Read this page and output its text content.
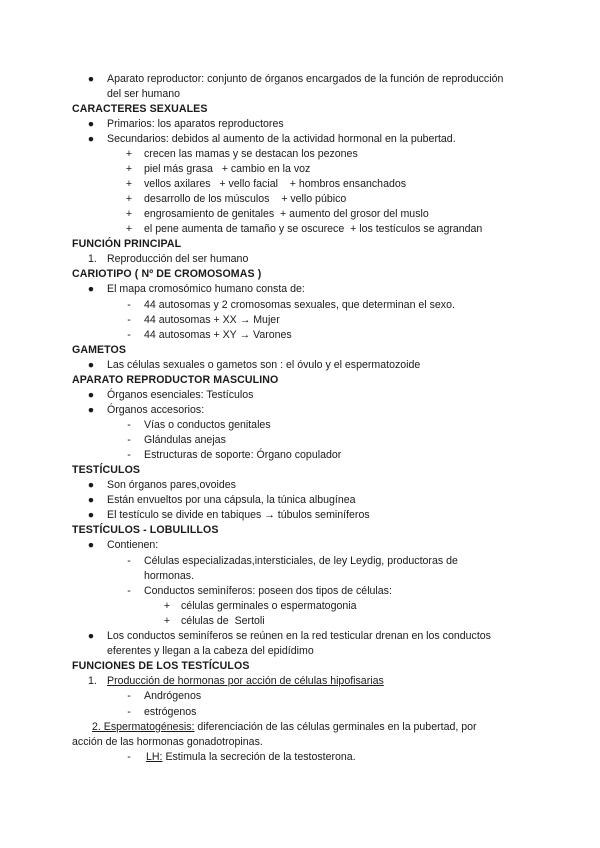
●	Aparato reproductor: conjunto de órganos encargados de la función de reproducción
del ser humano
CARACTERES SEXUALES
●	Primarios: los aparatos reproductores
●	Secundarios: debidos al aumento de la actividad hormonal en la pubertad.
+	crecen las mamas y se destacan los pezones
+	piel más grasa   + cambio en la voz
+	vellos axilares   + vello facial    + hombros ensanchados
+	desarrollo de los músculos    + vello púbico
+	engrosamiento de genitales  + aumento del grosor del muslo
+	el pene aumenta de tamaño y se oscurece  + los testículos se agrandan
FUNCIÓN PRINCIPAL
1. Reproducción del ser humano
CARIOTIPO ( Nº DE CROMOSOMAS )
●	El mapa cromosómico humano consta de:
-	44 autosomas y 2 cromosomas sexuales, que determinan el sexo.
-	44 autosomas + XX → Mujer
-	44 autosomas + XY → Varones
GAMETOS
●	Las células sexuales o gametos son : el óvulo y el espermatozoide
APARATO REPRODUCTOR MASCULINO
●	Órganos esenciales: Testículos
●	Órganos accesorios:
-	Vías o conductos genitales
-	Glándulas anejas
-	Estructuras de soporte: Órgano copulador
TESTÍCULOS
●	Son órganos pares,ovoides
●	Están envueltos por una cápsula, la túnica albugínea
●	El testículo se divide en tabiques → túbulos seminíferos
TESTÍCULOS - LOBULILLOS
●	Contienen:
-	Células especializadas,intersticiales, de ley Leydig, productoras de
hormonas.
-	Conductos seminíferos: poseen dos tipos de células:
+	células germinales o espermatogonia
+	células de  Sertoli
●	Los conductos seminíferos se reúnen en la red testicular drenan en los conductos
eferentes y llegan a la cabeza del epidídimo
FUNCIONES DE LOS TESTÍCULOS
1. Producción de hormonas por acción de células hipofisarias
-	Andrógenos
-	estrógenos
2. Espermatogénesis: diferenciación de las células germinales en la pubertad, por
acción de las hormonas gonadotropinas.
-	LH: Estimula la secreción de la testosterona.
